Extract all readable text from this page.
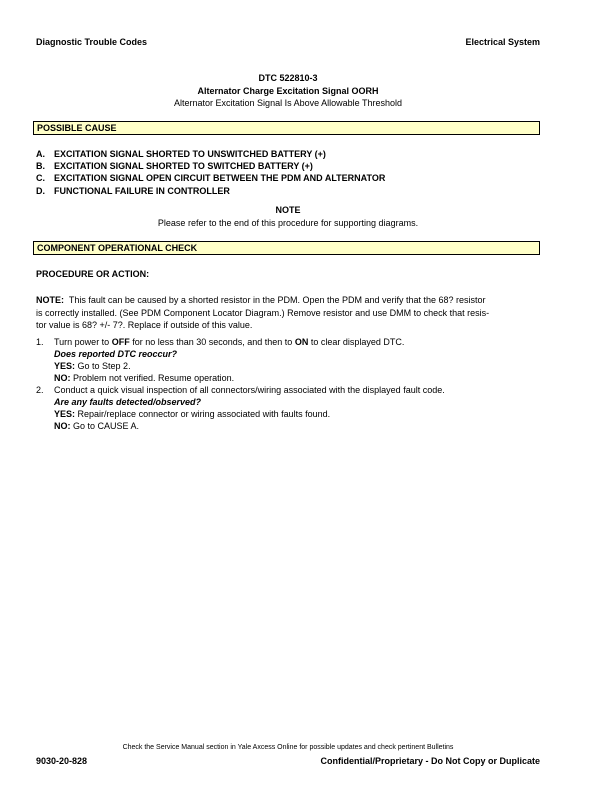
Diagnostic Trouble Codes	Electrical System
DTC 522810-3
Alternator Charge Excitation Signal OORH
Alternator Excitation Signal Is Above Allowable Threshold
POSSIBLE CAUSE
A. EXCITATION SIGNAL SHORTED TO UNSWITCHED BATTERY (+)
B. EXCITATION SIGNAL SHORTED TO SWITCHED BATTERY (+)
C. EXCITATION SIGNAL OPEN CIRCUIT BETWEEN THE PDM AND ALTERNATOR
D. FUNCTIONAL FAILURE IN CONTROLLER
NOTE
Please refer to the end of this procedure for supporting diagrams.
COMPONENT OPERATIONAL CHECK
PROCEDURE OR ACTION:
NOTE: This fault can be caused by a shorted resistor in the PDM. Open the PDM and verify that the 68? resistor
is correctly installed. (See PDM Component Locator Diagram.) Remove resistor and use DMM to check that resis-
tor value is 68? +/- 7?. Replace if outside of this value.
1. Turn power to OFF for no less than 30 seconds, and then to ON to clear displayed DTC.
Does reported DTC reoccur?
YES: Go to Step 2.
NO: Problem not verified. Resume operation.
2. Conduct a quick visual inspection of all connectors/wiring associated with the displayed fault code.
Are any faults detected/observed?
YES: Repair/replace connector or wiring associated with faults found.
NO: Go to CAUSE A.
Check the Service Manual section in Yale Axcess Online for possible updates and check pertinent Bulletins
9030-20-828	Confidential/Proprietary - Do Not Copy or Duplicate
